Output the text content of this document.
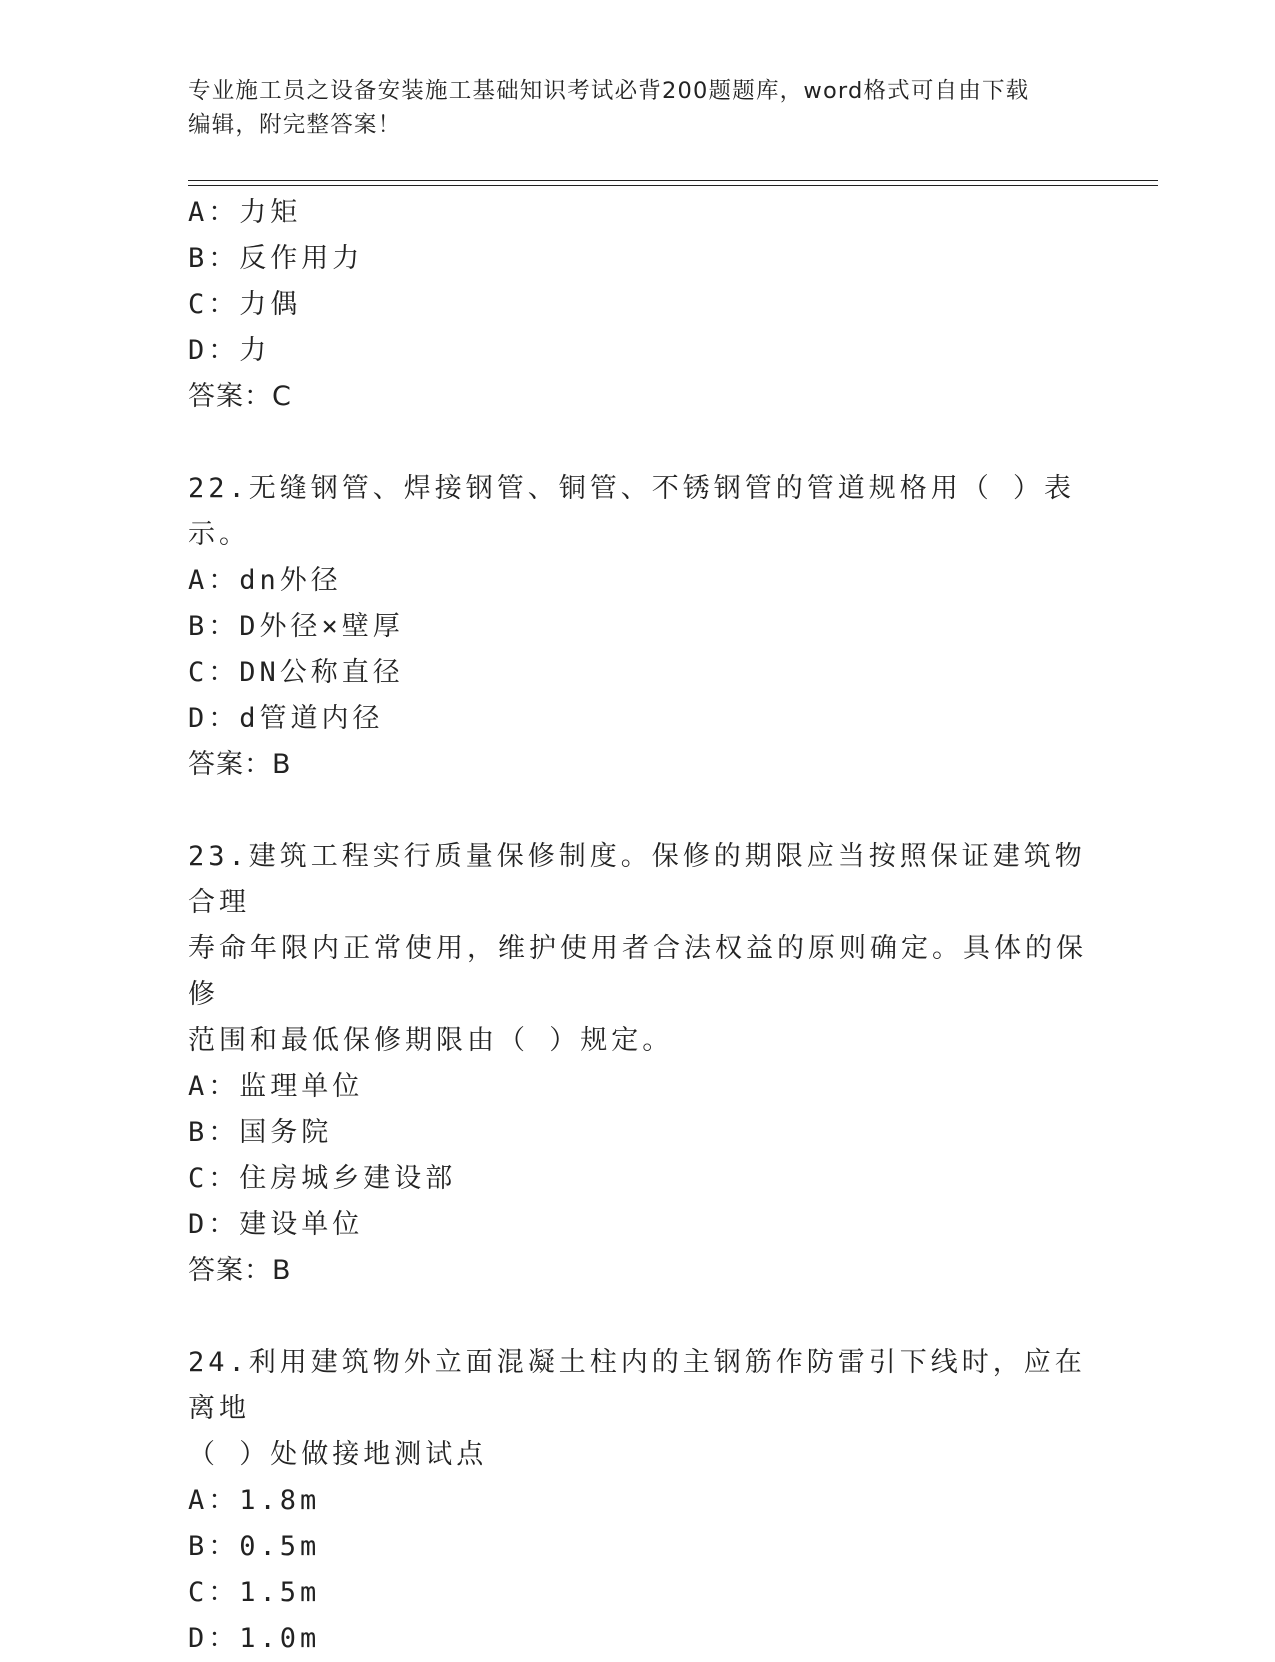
专业施工员之设备安装施工基础知识考试必背200题题库，word格式可自由下载
编辑，附完整答案！
A：力矩
B：反作用力
C：力偶
D：力
答案：C
22.无缝钢管、焊接钢管、铜管、不锈钢管的管道规格用（ ）表示。
A：dn外径
B：D外径×壁厚
C：DN公称直径
D：d管道内径
答案：B
23.建筑工程实行质量保修制度。保修的期限应当按照保证建筑物合理
寿命年限内正常使用，维护使用者合法权益的原则确定。具体的保修
范围和最低保修期限由（ ）规定。
A：监理单位
B：国务院
C：住房城乡建设部
D：建设单位
答案：B
24.利用建筑物外立面混凝土柱内的主钢筋作防雷引下线时，应在离地
（ ）处做接地测试点
A：1.8m
B：0.5m
C：1.5m
D：1.0m
